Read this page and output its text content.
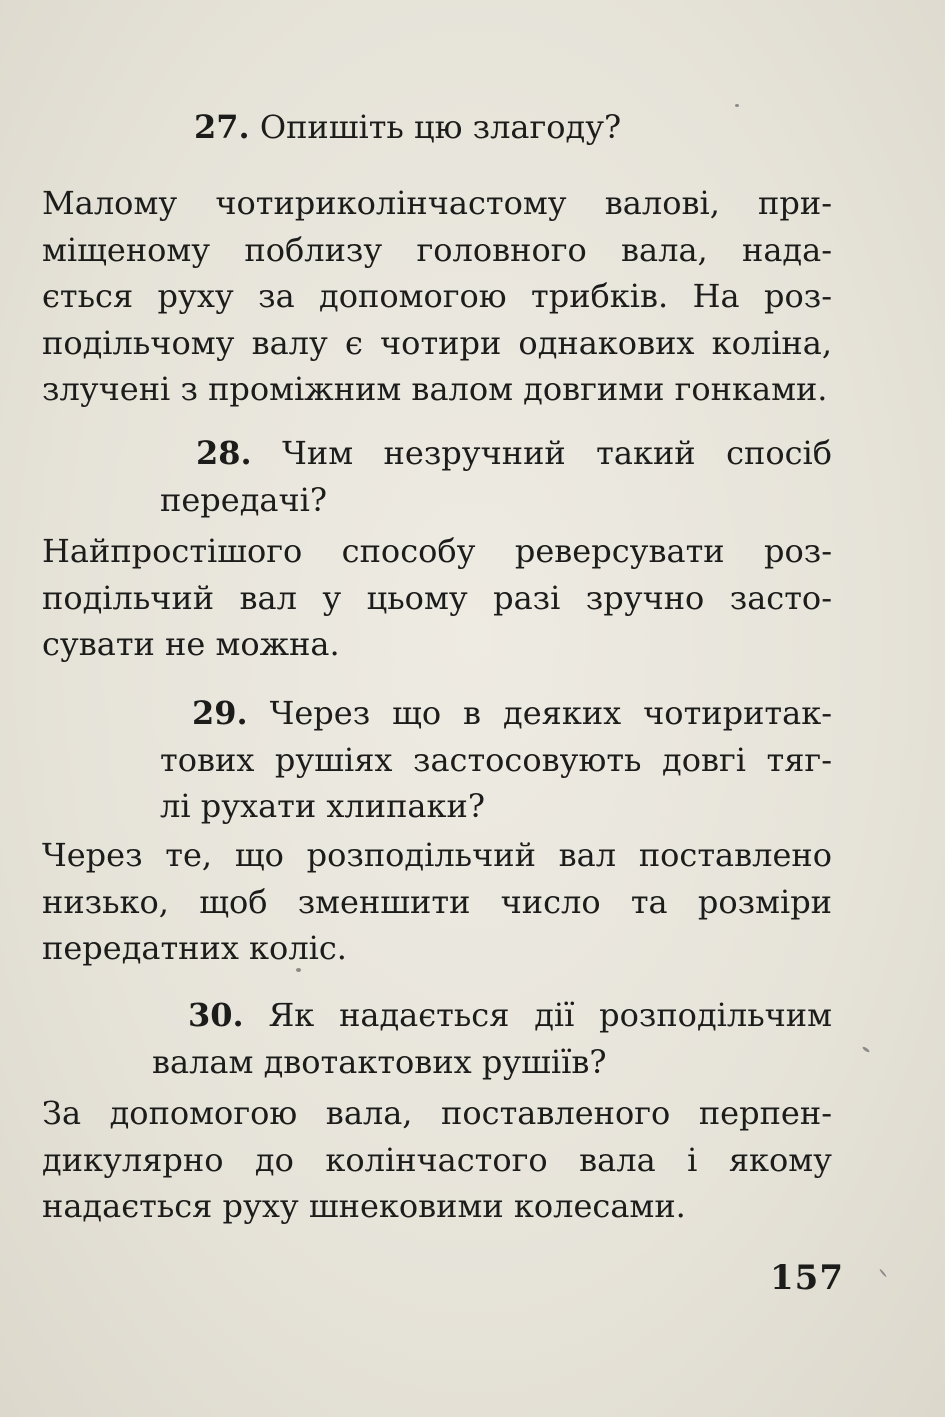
27. Опишіть цю злагоду?
Малому чотириколінчастому валові, при-
міщеному поблизу головного вала, нада-
ється руху за допомогою трибків. На роз-
подільчому валу є чотири однакових коліна,
злучені з проміжним валом довгими гонками.
28. Чим незручний такий спосіб
передачі?
Найпростішого способу реверсувати роз-
подільчий вал у цьому разі зручно засто-
сувати не можна.
29. Через що в деяких чотиритак-
тових рушіях застосовують довгі тяг-
лі рухати хлипаки?
Через те, що розподільчий вал поставлено
низько, щоб зменшити число та розміри
передатних коліс.
30. Як надається дії розподільчим
валам двотактових рушіїв?
За допомогою вала, поставленого перпен-
дикулярно до колінчастого вала і якому
надається руху шнековими колесами.
157
